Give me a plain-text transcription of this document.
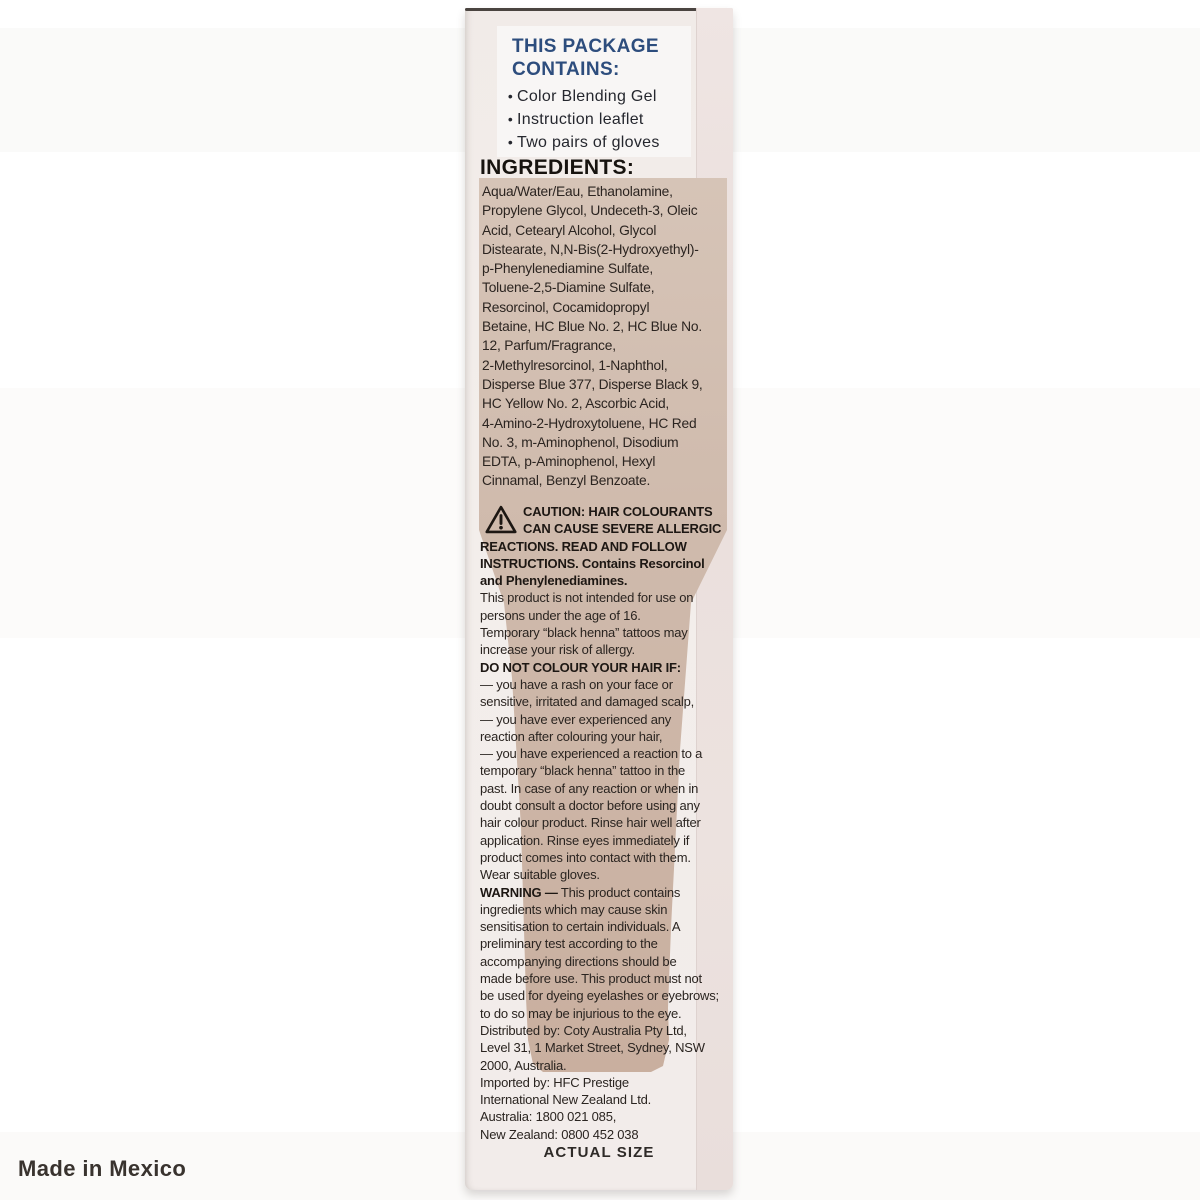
THIS PACKAGE
CONTAINS:
• Color Blending Gel
• Instruction leaflet
• Two pairs of gloves
INGREDIENTS:
Aqua/Water/Eau, Ethanolamine,
Propylene Glycol, Undeceth-3, Oleic
Acid, Cetearyl Alcohol, Glycol
Distearate, N,N-Bis(2-Hydroxyethyl)-
p-Phenylenediamine Sulfate,
Toluene-2,5-Diamine Sulfate,
Resorcinol, Cocamidopropyl
Betaine, HC Blue No. 2, HC Blue No.
12, Parfum/Fragrance,
2-Methylresorcinol, 1-Naphthol,
Disperse Blue 377, Disperse Black 9,
HC Yellow No. 2, Ascorbic Acid,
4-Amino-2-Hydroxytoluene, HC Red
No. 3, m-Aminophenol, Disodium
EDTA, p-Aminophenol, Hexyl
Cinnamal, Benzyl Benzoate.
CAUTION: HAIR COLOURANTS
CAN CAUSE SEVERE ALLERGIC
REACTIONS. READ AND FOLLOW
INSTRUCTIONS. Contains Resorcinol
and Phenylenediamines.
This product is not intended for use on
persons under the age of 16.
Temporary “black henna” tattoos may
increase your risk of allergy.
DO NOT COLOUR YOUR HAIR IF:
— you have a rash on your face or
sensitive, irritated and damaged scalp,
— you have ever experienced any
reaction after colouring your hair,
— you have experienced a reaction to a
temporary “black henna” tattoo in the
past. In case of any reaction or when in
doubt consult a doctor before using any
hair colour product. Rinse hair well after
application. Rinse eyes immediately if
product comes into contact with them.
Wear suitable gloves.
WARNING — This product contains
ingredients which may cause skin
sensitisation to certain individuals. A
preliminary test according to the
accompanying directions should be
made before use. This product must not
be used for dyeing eyelashes or eyebrows;
to do so may be injurious to the eye.
Distributed by: Coty Australia Pty Ltd,
Level 31, 1 Market Street, Sydney, NSW
2000, Australia.
Imported by: HFC Prestige
International New Zealand Ltd.
Australia: 1800 021 085,
New Zealand: 0800 452 038
ACTUAL SIZE
Made in Mexico
